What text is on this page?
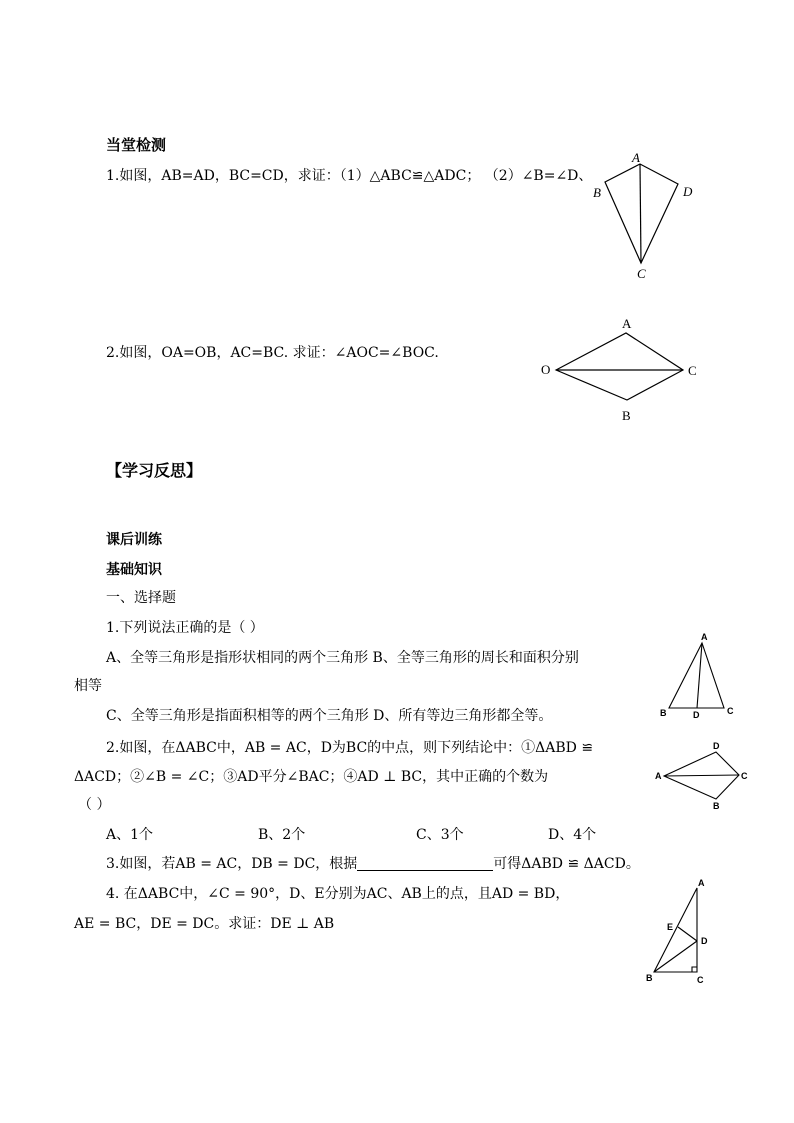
当堂检测
1.如图，AB=AD，BC=CD，求证：（1）△ABC≌△ADC； （2）∠B=∠D、
A
B
C
D
2.如图，OA=OB，AC=BC. 求证：∠AOC=∠BOC.
A
O	C
B
【学习反思】
课后训练
基础知识
一、选择题
1.下列说法正确的是（ ）
A、全等三角形是指形状相同的两个三角形 B、全等三角形的周长和面积分别
相等
C、全等三角形是指面积相等的两个三角形 D、所有等边三角形都全等。
A
B	D	C
2.如图，在ΔABC中，AB = AC，D为BC的中点，则下列结论中：①ΔABD ≌
ΔACD；②∠B = ∠C；③AD平分∠BAC；④AD ⊥ BC，其中正确的个数为
（ ）
A、1个	B、2个	C、3个	D、4个
A
D
C
B
3.如图，若AB = AC，DB = DC，根据	可得ΔABD ≌ ΔACD。
4. 在ΔABC中，∠C = 90°，D、E分别为AC、AB上的点，且AD = BD，
AE = BC，DE = DC。求证：DE ⊥ AB
A
E
D
B	C
